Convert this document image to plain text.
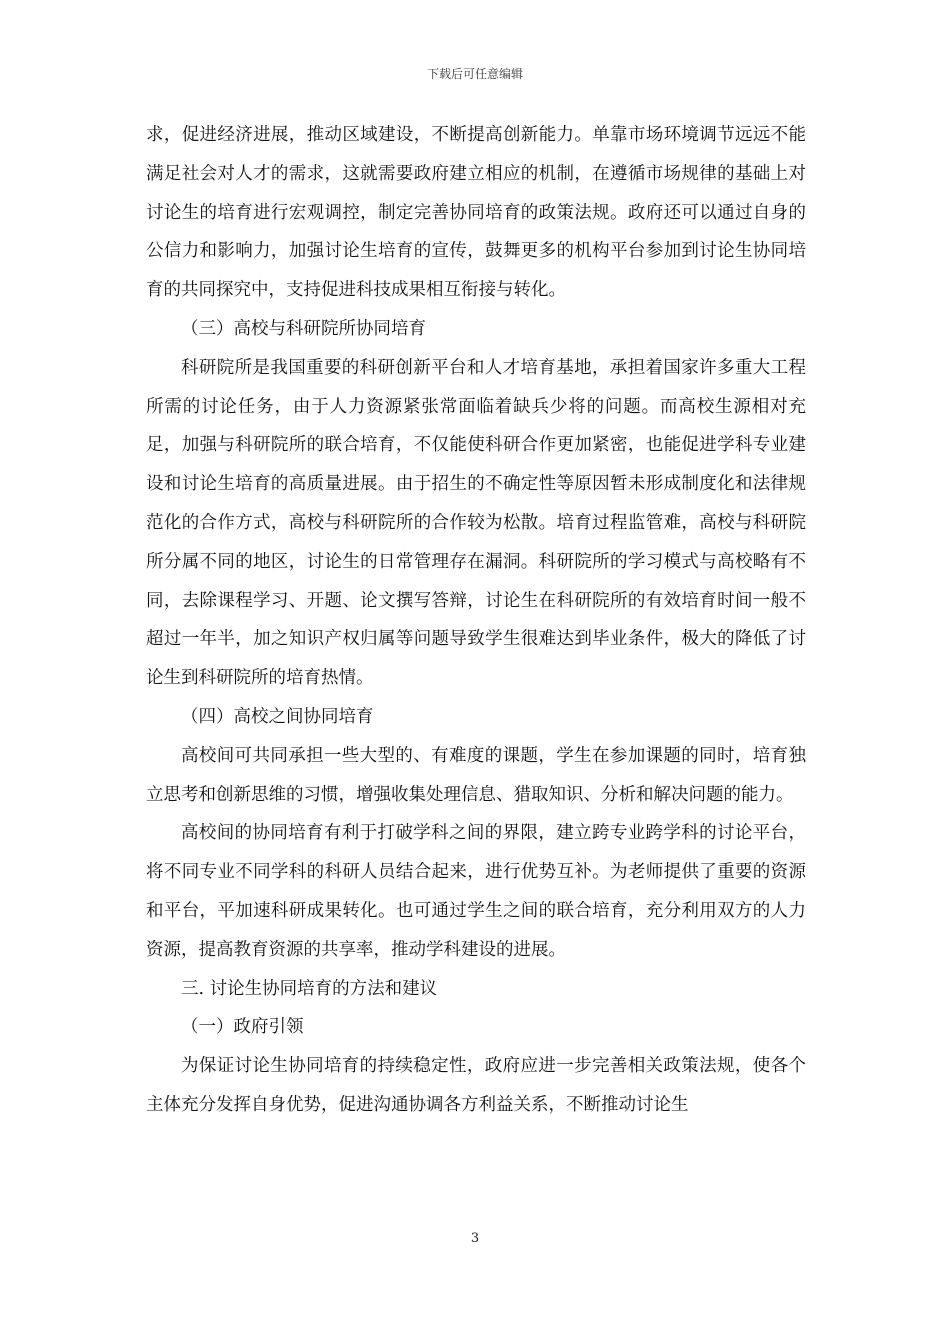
下载后可任意编辑

求，促进经济进展，推动区域建设，不断提高创新能力。单靠市场环境调节远远不能满足社会对人才的需求，这就需要政府建立相应的机制，在遵循市场规律的基础上对讨论生的培育进行宏观调控，制定完善协同培育的政策法规。政府还可以通过自身的公信力和影响力，加强讨论生培育的宣传，鼓舞更多的机构平台参加到讨论生协同培育的共同探究中，支持促进科技成果相互衔接与转化。

（三）高校与科研院所协同培育

科研院所是我国重要的科研创新平台和人才培育基地，承担着国家许多重大工程所需的讨论任务，由于人力资源紧张常面临着缺兵少将的问题。而高校生源相对充足，加强与科研院所的联合培育，不仅能使科研合作更加紧密，也能促进学科专业建设和讨论生培育的高质量进展。由于招生的不确定性等原因暂未形成制度化和法律规范化的合作方式，高校与科研院所的合作较为松散。培育过程监管难，高校与科研院所分属不同的地区，讨论生的日常管理存在漏洞。科研院所的学习模式与高校略有不同，去除课程学习、开题、论文撰写答辩，讨论生在科研院所的有效培育时间一般不超过一年半，加之知识产权归属等问题导致学生很难达到毕业条件，极大的降低了讨论生到科研院所的培育热情。

（四）高校之间协同培育

高校间可共同承担一些大型的、有难度的课题，学生在参加课题的同时，培育独立思考和创新思维的习惯，增强收集处理信息、猎取知识、分析和解决问题的能力。

高校间的协同培育有利于打破学科之间的界限，建立跨专业跨学科的讨论平台，将不同专业不同学科的科研人员结合起来，进行优势互补。为老师提供了重要的资源和平台，平加速科研成果转化。也可通过学生之间的联合培育，充分利用双方的人力资源，提高教育资源的共享率，推动学科建设的进展。

三. 讨论生协同培育的方法和建议

（一）政府引领

为保证讨论生协同培育的持续稳定性，政府应进一步完善相关政策法规，使各个主体充分发挥自身优势，促进沟通协调各方利益关系，不断推动讨论生

3
